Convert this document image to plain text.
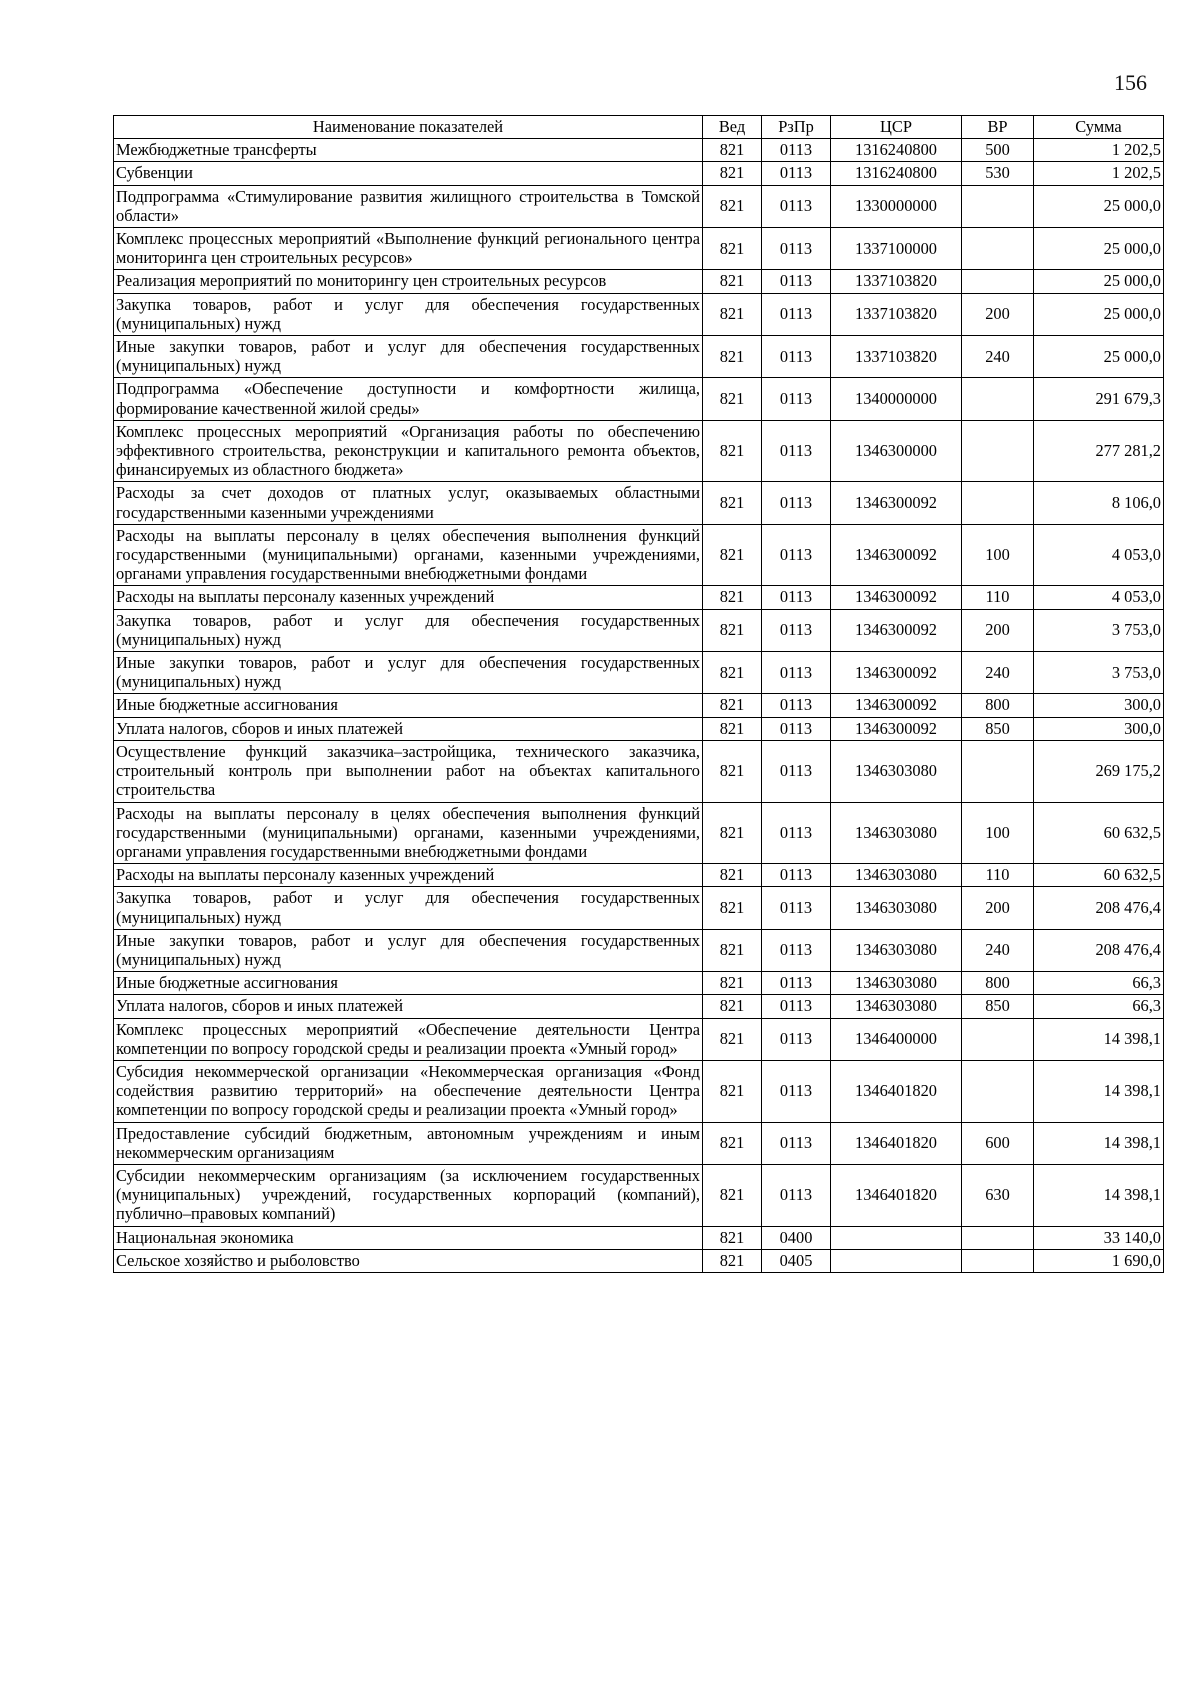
156
Наименование показателей	Вед	РзПр	ЦСР	ВР	Сумма
Межбюджетные трансферты	821	0113	1316240800	500	1 202,5
Субвенции	821	0113	1316240800	530	1 202,5
Подпрограмма «Стимулирование развития жилищного строительства в Томской области»	821	0113	1330000000		25 000,0
Комплекс процессных мероприятий «Выполнение функций регионального центра мониторинга цен строительных ресурсов»	821	0113	1337100000		25 000,0
Реализация мероприятий по мониторингу цен строительных ресурсов	821	0113	1337103820		25 000,0
Закупка товаров, работ и услуг для обеспечения государственных (муниципальных) нужд	821	0113	1337103820	200	25 000,0
Иные закупки товаров, работ и услуг для обеспечения государственных (муниципальных) нужд	821	0113	1337103820	240	25 000,0
Подпрограмма «Обеспечение доступности и комфортности жилища, формирование качественной жилой среды»	821	0113	1340000000		291 679,3
Комплекс процессных мероприятий «Организация работы по обеспечению эффективного строительства, реконструкции и капитального ремонта объектов, финансируемых из областного бюджета»	821	0113	1346300000		277 281,2
Расходы за счет доходов от платных услуг, оказываемых областными государственными казенными учреждениями	821	0113	1346300092		8 106,0
Расходы на выплаты персоналу в целях обеспечения выполнения функций государственными (муниципальными) органами, казенными учреждениями, органами управления государственными внебюджетными фондами	821	0113	1346300092	100	4 053,0
Расходы на выплаты персоналу казенных учреждений	821	0113	1346300092	110	4 053,0
Закупка товаров, работ и услуг для обеспечения государственных (муниципальных) нужд	821	0113	1346300092	200	3 753,0
Иные закупки товаров, работ и услуг для обеспечения государственных (муниципальных) нужд	821	0113	1346300092	240	3 753,0
Иные бюджетные ассигнования	821	0113	1346300092	800	300,0
Уплата налогов, сборов и иных платежей	821	0113	1346300092	850	300,0
Осуществление функций заказчика–застройщика, технического заказчика, строительный контроль при выполнении работ на объектах капитального строительства	821	0113	1346303080		269 175,2
Расходы на выплаты персоналу в целях обеспечения выполнения функций государственными (муниципальными) органами, казенными учреждениями, органами управления государственными внебюджетными фондами	821	0113	1346303080	100	60 632,5
Расходы на выплаты персоналу казенных учреждений	821	0113	1346303080	110	60 632,5
Закупка товаров, работ и услуг для обеспечения государственных (муниципальных) нужд	821	0113	1346303080	200	208 476,4
Иные закупки товаров, работ и услуг для обеспечения государственных (муниципальных) нужд	821	0113	1346303080	240	208 476,4
Иные бюджетные ассигнования	821	0113	1346303080	800	66,3
Уплата налогов, сборов и иных платежей	821	0113	1346303080	850	66,3
Комплекс процессных мероприятий «Обеспечение деятельности Центра компетенции по вопросу городской среды и реализации проекта «Умный город»	821	0113	1346400000		14 398,1
Субсидия некоммерческой организации «Некоммерческая организация «Фонд содействия развитию территорий» на обеспечение деятельности Центра компетенции по вопросу городской среды и реализации проекта «Умный город»	821	0113	1346401820		14 398,1
Предоставление субсидий бюджетным, автономным учреждениям и иным некоммерческим организациям	821	0113	1346401820	600	14 398,1
Субсидии некоммерческим организациям (за исключением государственных (муниципальных) учреждений, государственных корпораций (компаний), публично–правовых компаний)	821	0113	1346401820	630	14 398,1
Национальная экономика	821	0400			33 140,0
Сельское хозяйство и рыболовство	821	0405			1 690,0
